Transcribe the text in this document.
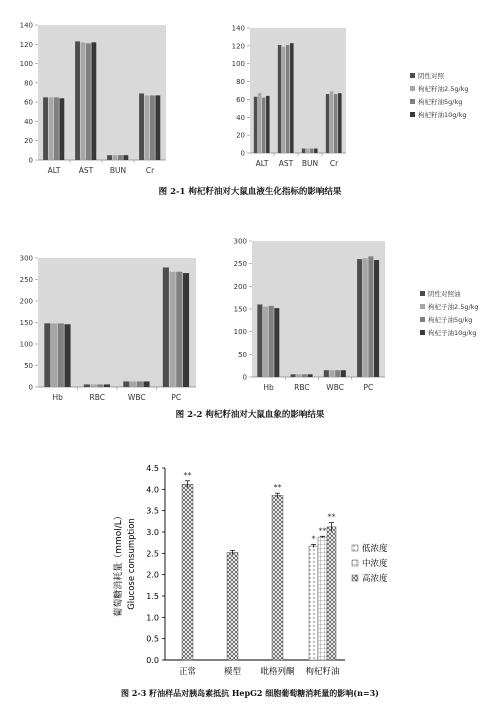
0
20
40
60
80
100
120
140
ALT AST BUN	Cr
0
20
40
60
80
100
120
140
ALT AST BUN Cr
阴性对照
枸杞籽油2.5g/kg
枸杞籽油5g/kg
枸杞籽油10g/kg
图 2-1 枸杞籽油对大鼠血液生化指标的影响结果
0
50
100
150
200
250
300
Hb	RBC	WBC	PC
0
50
100
150
200
250
300
Hb	RBC WBC	PC
阴性对照油
枸杞子油2.5g/kg
枸杞子油5g/kg
枸杞子油10g/kg
图 2-2 枸杞籽油对大鼠血象的影响结果
0.0
0.5
1.0
1.5
2.0
2.5
3.0
3.5
4.0
4.5
葡萄糖消耗量（mmol/L） Glucose consumption
正常
**
模型 吡格列酮
**
枸杞籽油
*
**
**
低浓度
中浓度
高浓度
图 2-3 籽油样品对胰岛素抵抗 HepG2 细胞葡萄糖消耗量的影响(n=3)
